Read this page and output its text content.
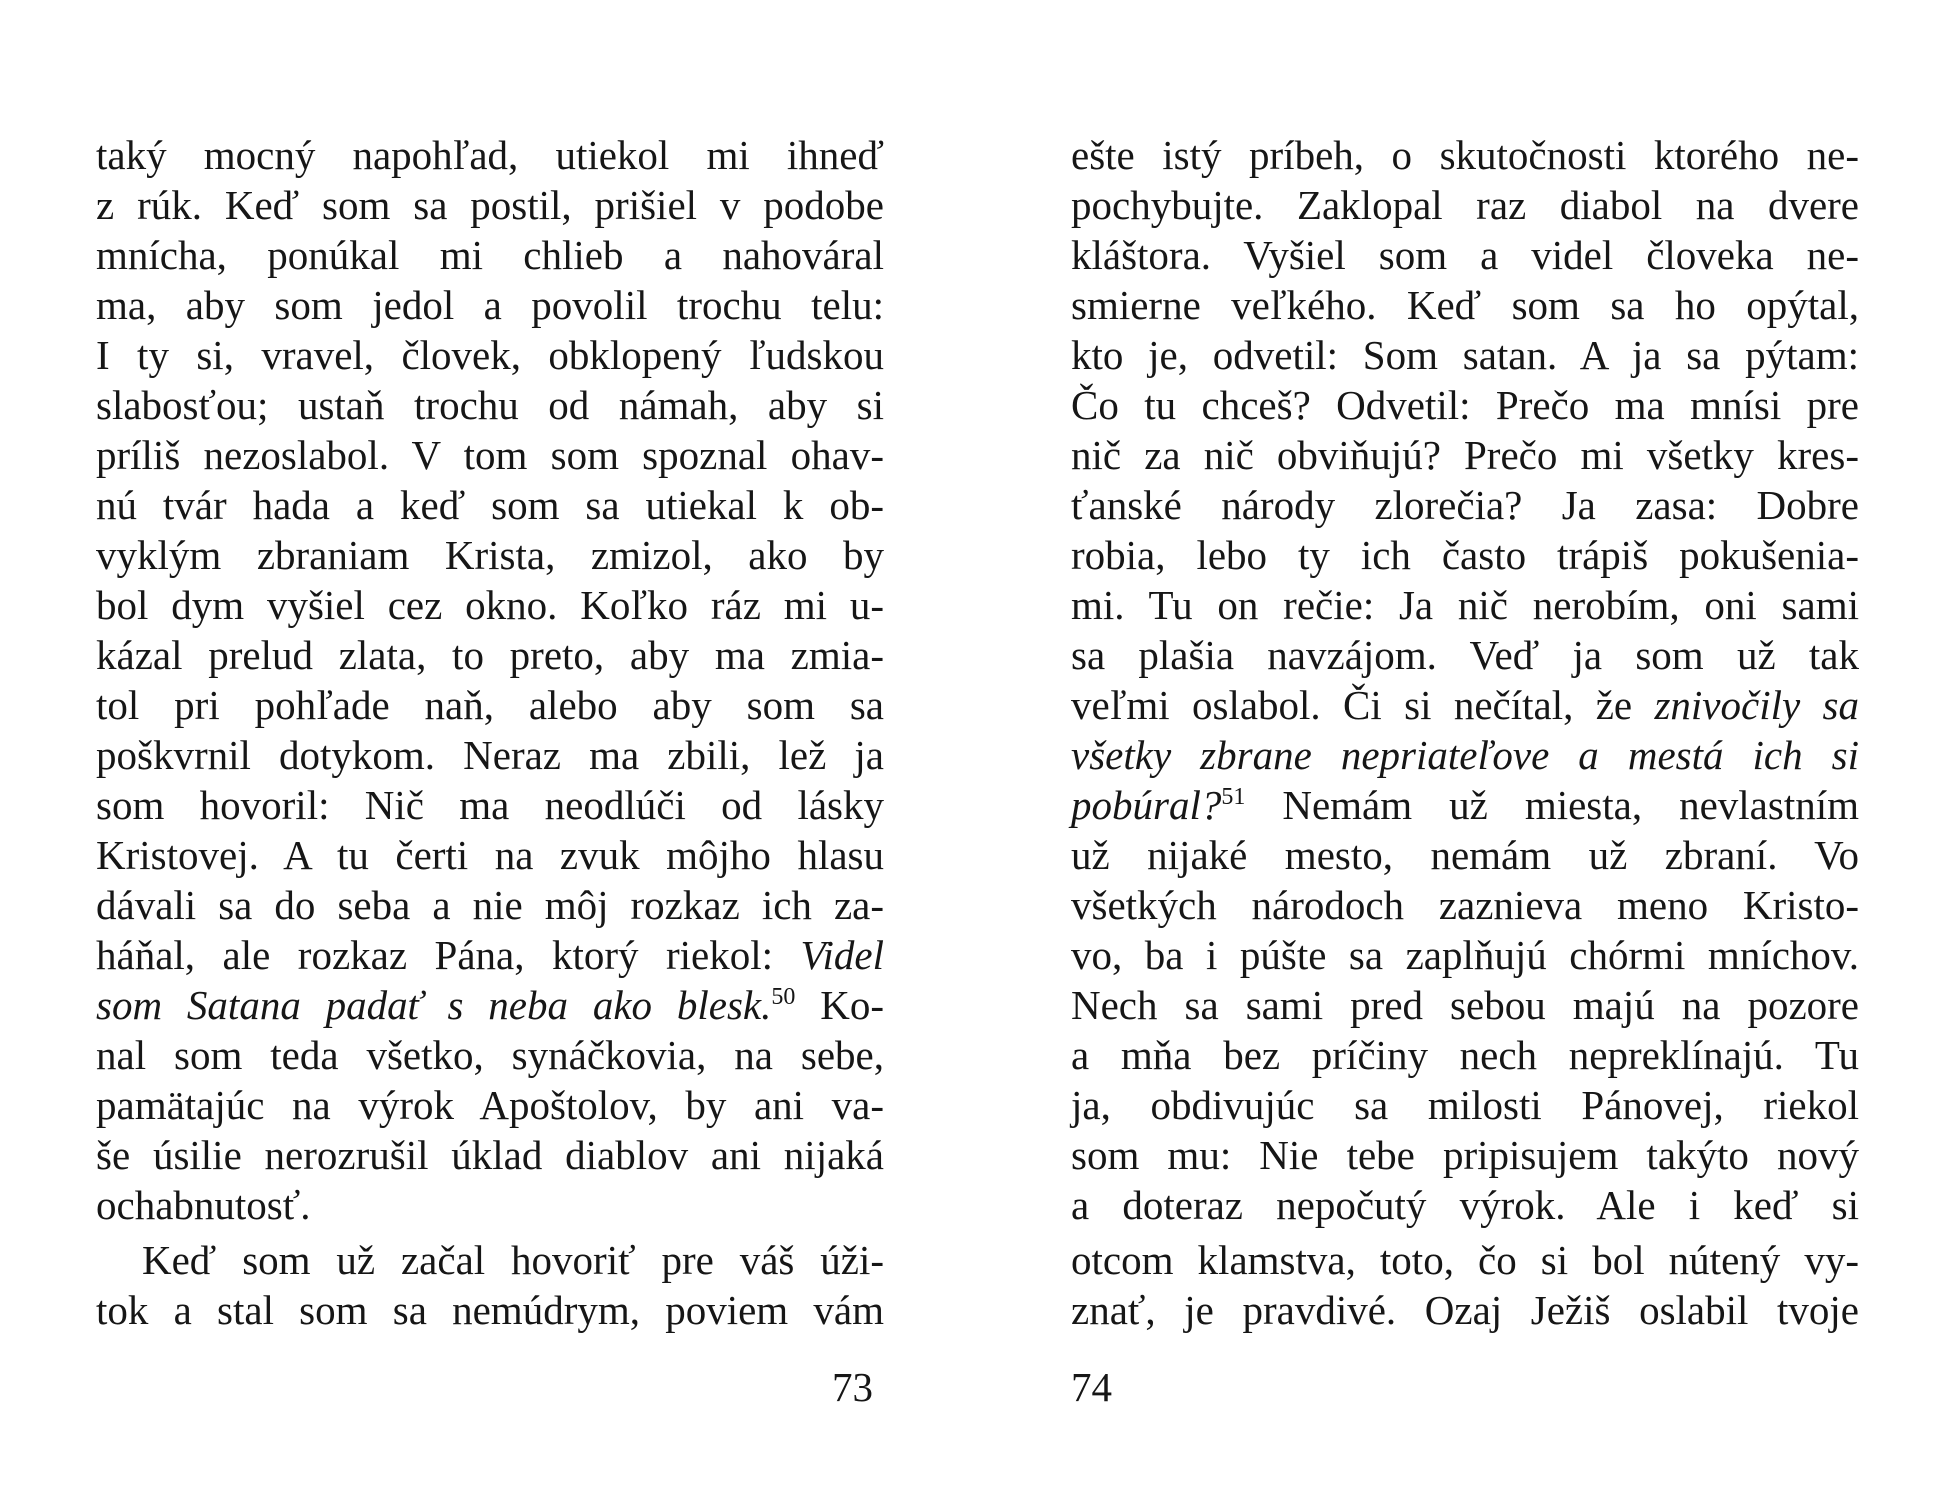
taký mocný napohľad, utiekol mi ihneď
z rúk. Keď som sa postil, prišiel v podobe
mnícha, ponúkal mi chlieb a nahováral
ma, aby som jedol a povolil trochu telu:
I ty si, vravel, človek, obklopený ľudskou
slabosťou; ustaň trochu od námah, aby si
príliš nezoslabol. V tom som spoznal ohav-
nú tvár hada a keď som sa utiekal k ob-
vyklým zbraniam Krista, zmizol, ako by
bol dym vyšiel cez okno. Koľko ráz mi u-
kázal prelud zlata, to preto, aby ma zmia-
tol pri pohľade naň, alebo aby som sa
poškvrnil dotykom. Neraz ma zbili, lež ja
som hovoril: Nič ma neodlúči od lásky
Kristovej. A tu čerti na zvuk môjho hlasu
dávali sa do seba a nie môj rozkaz ich za-
háňal, ale rozkaz Pána, ktorý riekol: Videl
som Satana padať s neba ako blesk.$^{50}$ Ko-
nal som teda všetko, synáčkovia, na sebe,
pamätajúc na výrok Apoštolov, by ani va-
še úsilie nerozrušil úklad diablov ani nijaká
ochabnutosť.
Keď som už začal hovoriť pre váš úži-
tok a stal som sa nemúdrym, poviem vám
73
ešte istý príbeh, o skutočnosti ktorého ne-
pochybujte. Zaklopal raz diabol na dvere
kláštora. Vyšiel som a videl človeka ne-
smierne veľkého. Keď som sa ho opýtal,
kto je, odvetil: Som satan. A ja sa pýtam:
Čo tu chceš? Odvetil: Prečo ma mnísi pre
nič za nič obviňujú? Prečo mi všetky kres-
ťanské národy zlorečia? Ja zasa: Dobre
robia, lebo ty ich často trápiš pokušenia-
mi. Tu on rečie: Ja nič nerobím, oni sami
sa plašia navzájom. Veď ja som už tak
veľmi oslabol. Či si nečítal, že znivočily sa
všetky zbrane nepriateľove a mestá ich si
pobúral?$^{51}$ Nemám už miesta, nevlastním
už nijaké mesto, nemám už zbraní. Vo
všetkých národoch zaznieva meno Kristo-
vo, ba i púšte sa zaplňujú chórmi mníchov.
Nech sa sami pred sebou majú na pozore
a mňa bez príčiny nech nepreklínajú. Tu
ja, obdivujúc sa milosti Pánovej, riekol
som mu: Nie tebe pripisujem takýto nový
a doteraz nepočutý výrok. Ale i keď si
otcom klamstva, toto, čo si bol nútený vy-
znať, je pravdivé. Ozaj Ježiš oslabil tvoje
74
